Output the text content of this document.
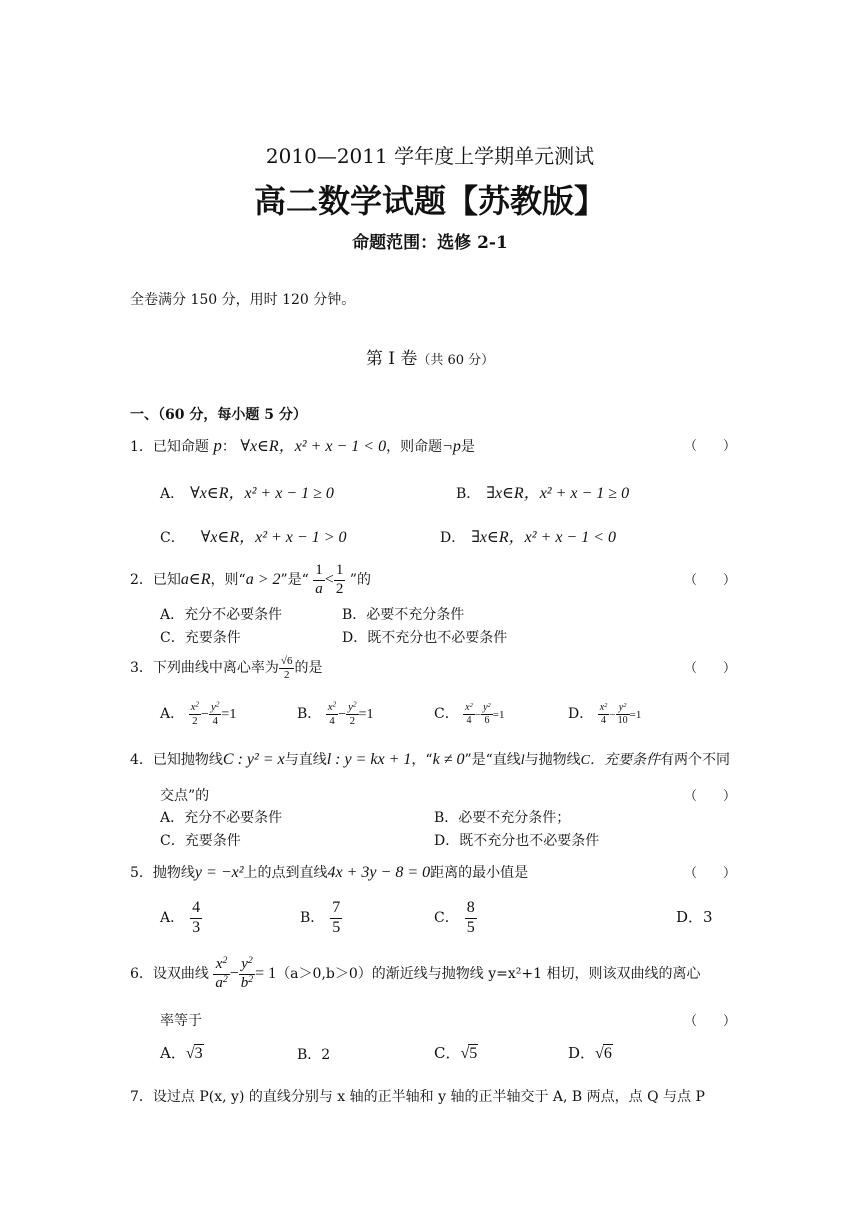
2010—2011 学年度上学期单元测试
高二数学试题【苏教版】
命题范围：选修 2-1
全卷满分 150 分，用时 120 分钟。
第 Ⅰ 卷（共 60 分）
一、（60 分，每小题 5 分）
1．已知命题 p： ∀x∈R，x² + x − 1 < 0，则命题¬p是	（　　）
A． ∀x∈R，x² + x − 1 ≥ 0	B． ∃x∈R，x² + x − 1 ≥ 0
C． ∀x∈R，x² + x − 1 > 0	D． ∃x∈R，x² + x − 1 < 0
2．已知a∈R，则“a > 2”是“ $\frac{1}{a} < \frac{1}{2}$ ”的	（　　）
A．充分不必要条件	B．必要不充分条件
C．充要条件	D．既不充分也不必要条件
3．下列曲线中离心率为 $\frac{√6}{2}$ 的是	（　　）
A． $\frac{x^2}{2} - \frac{y^2}{4} =1$	B． $\frac{x^2}{4} - \frac{y^2}{2} =1$	C． $\frac{x^2}{4} - \frac{y^2}{6} =1$	D． $\frac{x^2}{4} - \frac{y^2}{10} =1$
4．已知抛物线C : y² = x与直线l : y = kx + 1，“k ≠ 0”是“直线l与抛物线C．充要条件有两个不同
交点”的	（　　）
A．充分不必要条件	B．必要不充分条件；
C．充要条件	D．既不充分也不必要条件
5．抛物线y = −x²上的点到直线4x + 3y − 8 = 0距离的最小值是	（　　）
A． $\frac{4}{3}$	B． $\frac{7}{5}$	C． $\frac{8}{5}$	D．3
6．设双曲线 $\frac{x^2}{a^2} - \frac{y^2}{b^2} = 1(a>0,b>0)$的渐近线与抛物线 y=x²+1 相切，则该双曲线的离心
率等于	（　　）
A．√3	B．2	C．√5	D．√6
7．设过点 P(x, y) 的直线分别与 x 轴的正半轴和 y 轴的正半轴交于 A, B 两点，点 Q 与点 P
